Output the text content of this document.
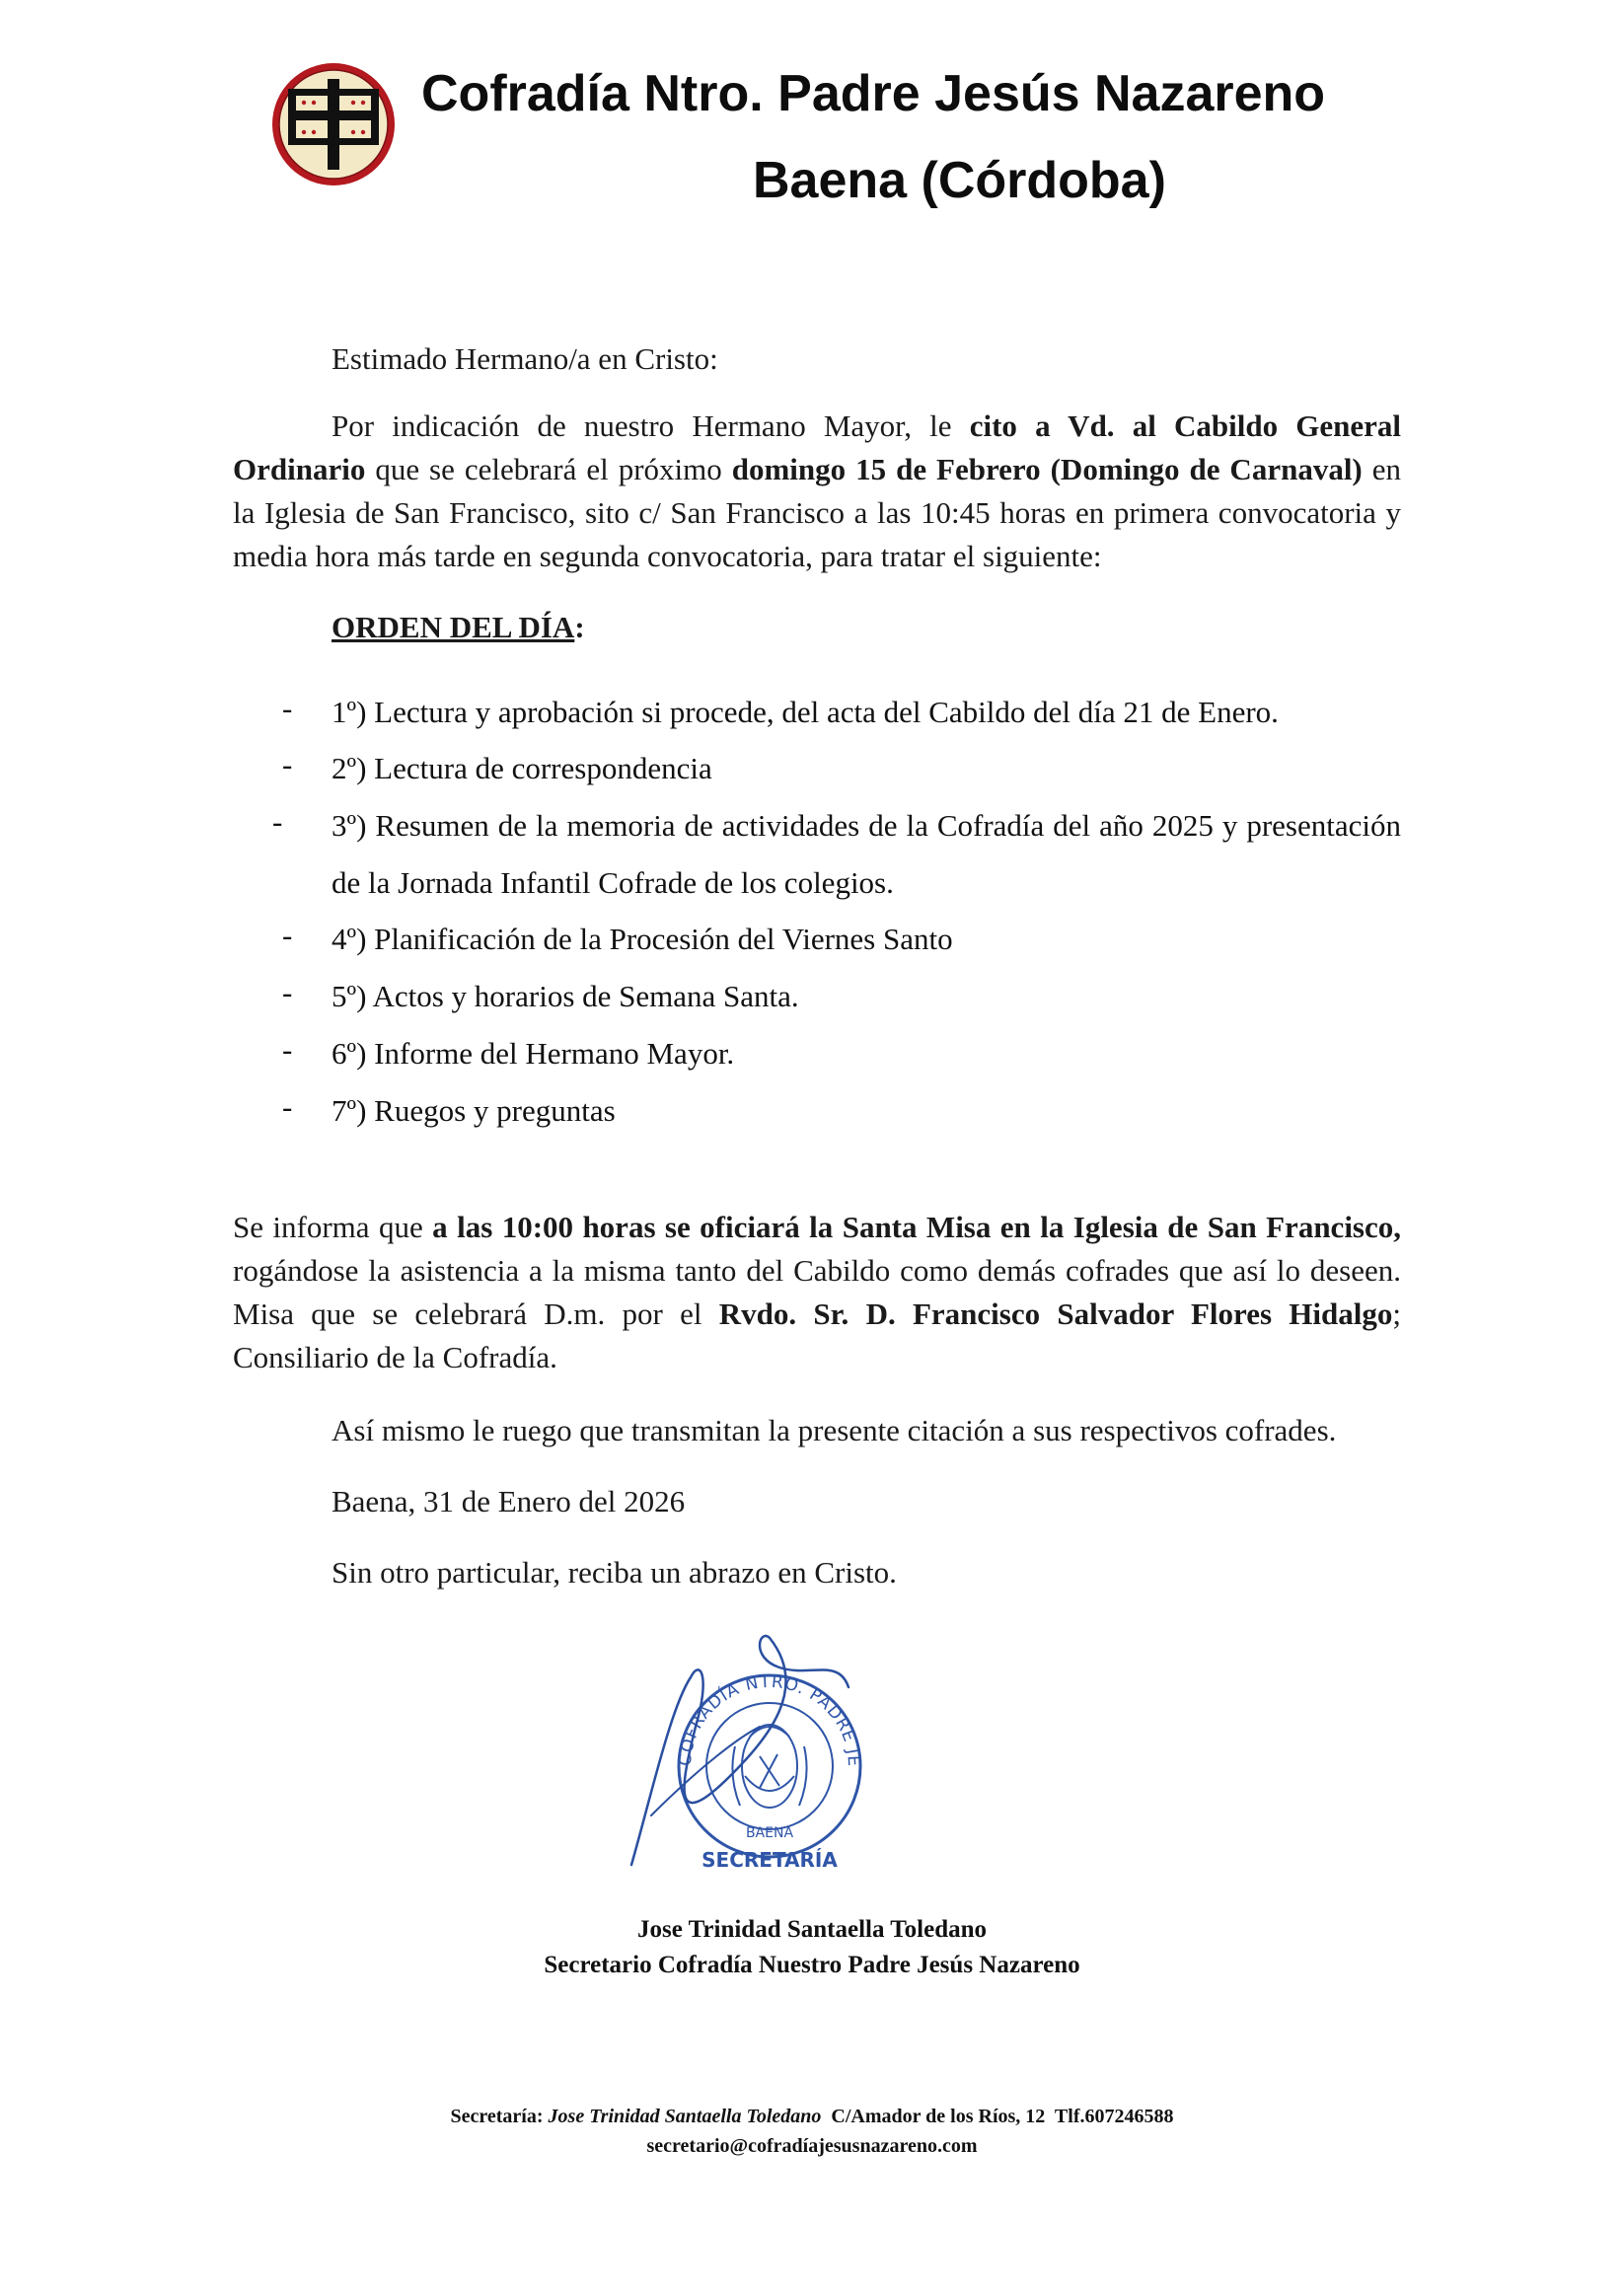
Cofradía Ntro. Padre Jesús Nazareno
Baena (Córdoba)
Estimado Hermano/a en Cristo:
Por indicación de nuestro Hermano Mayor, le cito a Vd. al Cabildo General Ordinario que se celebrará el próximo domingo 15 de Febrero (Domingo de Carnaval) en la Iglesia de San Francisco, sito c/ San Francisco a las 10:45 horas en primera convocatoria y media hora más tarde en segunda convocatoria, para tratar el siguiente:
ORDEN DEL DÍA:
- 1º) Lectura y aprobación si procede, del acta del Cabildo del día 21 de Enero.
- 2º) Lectura de correspondencia
- 3º) Resumen de la memoria de actividades de la Cofradía del año 2025 y presentación de la Jornada Infantil Cofrade de los colegios.
- 4º) Planificación de la Procesión del Viernes Santo
- 5º) Actos y horarios de Semana Santa.
- 6º) Informe del Hermano Mayor.
- 7º) Ruegos y preguntas
Se informa que a las 10:00 horas se oficiará la Santa Misa en la Iglesia de San Francisco, rogándose la asistencia a la misma tanto del Cabildo como demás cofrades que así lo deseen. Misa que se celebrará D.m. por el Rvdo. Sr. D. Francisco Salvador Flores Hidalgo; Consiliario de la Cofradía.
Así mismo le ruego que transmitan la presente citación a sus respectivos cofrades.
Baena, 31 de Enero del 2026
Sin otro particular, reciba un abrazo en Cristo.
COFRADÍA NTRO. PADRE JE
BAENA
SECRETARÍA
Jose Trinidad Santaella Toledano
Secretario Cofradía Nuestro Padre Jesús Nazareno
Secretaría: Jose Trinidad Santaella Toledano  C/Amador de los Ríos, 12  Tlf.607246588
secretario@cofradíajesusnazareno.com
